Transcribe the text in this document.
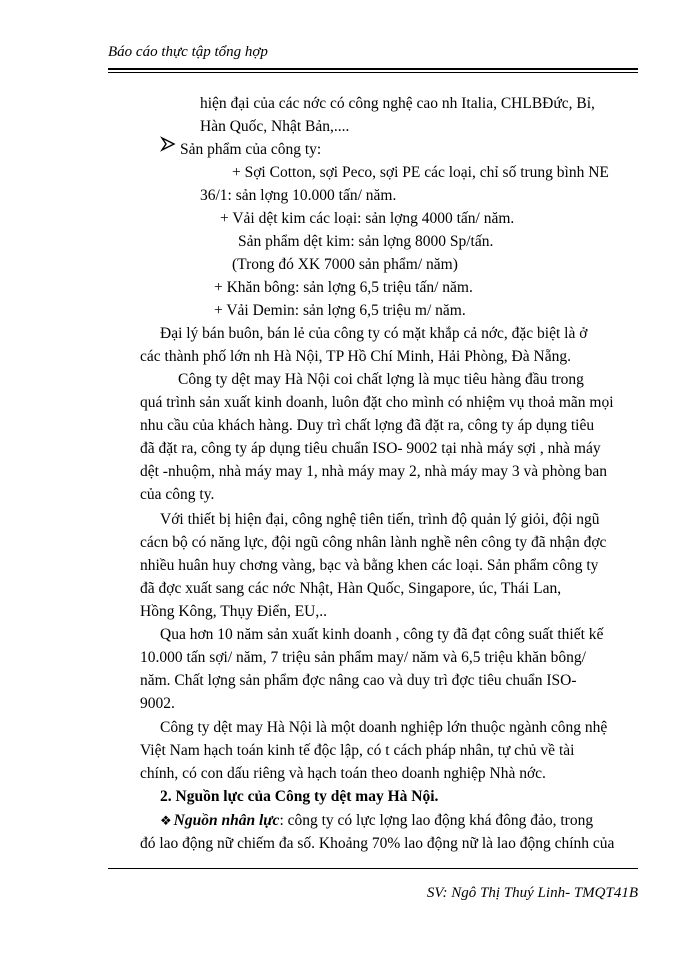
Báo cáo thực tập tổng hợp
hiện đại của các nớc có công nghệ cao nh Italia, CHLBĐức, Bỉ,
Hàn Quốc, Nhật Bản,....
Sản phẩm của công ty:
+ Sợi Cotton, sợi Peco, sợi PE các loại, chỉ số trung bình NE
36/1: sản lợng 10.000 tấn/ năm.
+ Vải dệt kim các loại: sản lợng 4000 tấn/ năm.
Sản phẩm dệt kim: sản lợng 8000 Sp/tấn.
(Trong đó XK 7000 sản phẩm/ năm)
+ Khăn bông: sản lợng 6,5 triệu tấn/ năm.
+ Vải Demin: sản lợng 6,5 triệu m/ năm.
Đại lý bán buôn, bán lẻ của công ty có mặt khắp cả nớc, đặc biệt là ở
các thành phố lớn nh Hà Nội, TP Hồ Chí Minh, Hải Phòng, Đà Nẵng.
Công ty dệt may Hà Nội coi chất lợng là mục tiêu hàng đầu trong
quá trình sản xuất kinh doanh, luôn đặt cho mình có nhiệm vụ thoả mãn mọi
nhu cầu của khách hàng. Duy trì chất lợng đã đặt ra, công ty áp dụng tiêu
đã đặt ra, công ty áp dụng tiêu chuẩn ISO- 9002 tại nhà máy sợi , nhà máy
dệt -nhuộm, nhà máy may 1, nhà máy may 2, nhà máy may 3 và phòng ban
của công ty.
Với thiết bị hiện đại, công nghệ tiên tiến, trình độ quản lý giỏi, đội ngũ
cácn bộ có năng lực, đội ngũ công nhân lành nghề nên công ty đã nhận đợc
nhiều huân huy chơng vàng, bạc và bằng khen các loại. Sản phẩm công ty
đã đợc xuất sang các nớc Nhật, Hàn Quốc, Singapore, úc, Thái Lan,
Hồng Kông, Thụy Điển, EU,..
Qua hơn 10 năm sản xuất kinh doanh , công ty đã đạt công suất thiết kế
10.000 tấn sợi/ năm, 7 triệu sản phẩm may/ năm và 6,5 triệu khăn bông/
năm. Chất lợng sản phẩm đợc nâng cao và duy trì đợc tiêu chuẩn ISO-
9002.
Công ty dệt may Hà Nội là một doanh nghiệp lớn thuộc ngành công nhệ
Việt Nam hạch toán kinh tế độc lập, có t cách pháp nhân, tự chủ về tài
chính, có con dấu riêng và hạch toán theo doanh nghiệp Nhà nớc.
2. Nguồn lực của Công ty dệt may Hà Nội.
❖ Nguồn nhân lực: công ty có lực lợng lao động khá đông đảo, trong
đó lao động nữ chiếm đa số. Khoảng 70% lao động nữ là lao động chính của
SV: Ngô Thị Thuý Linh- TMQT41B
